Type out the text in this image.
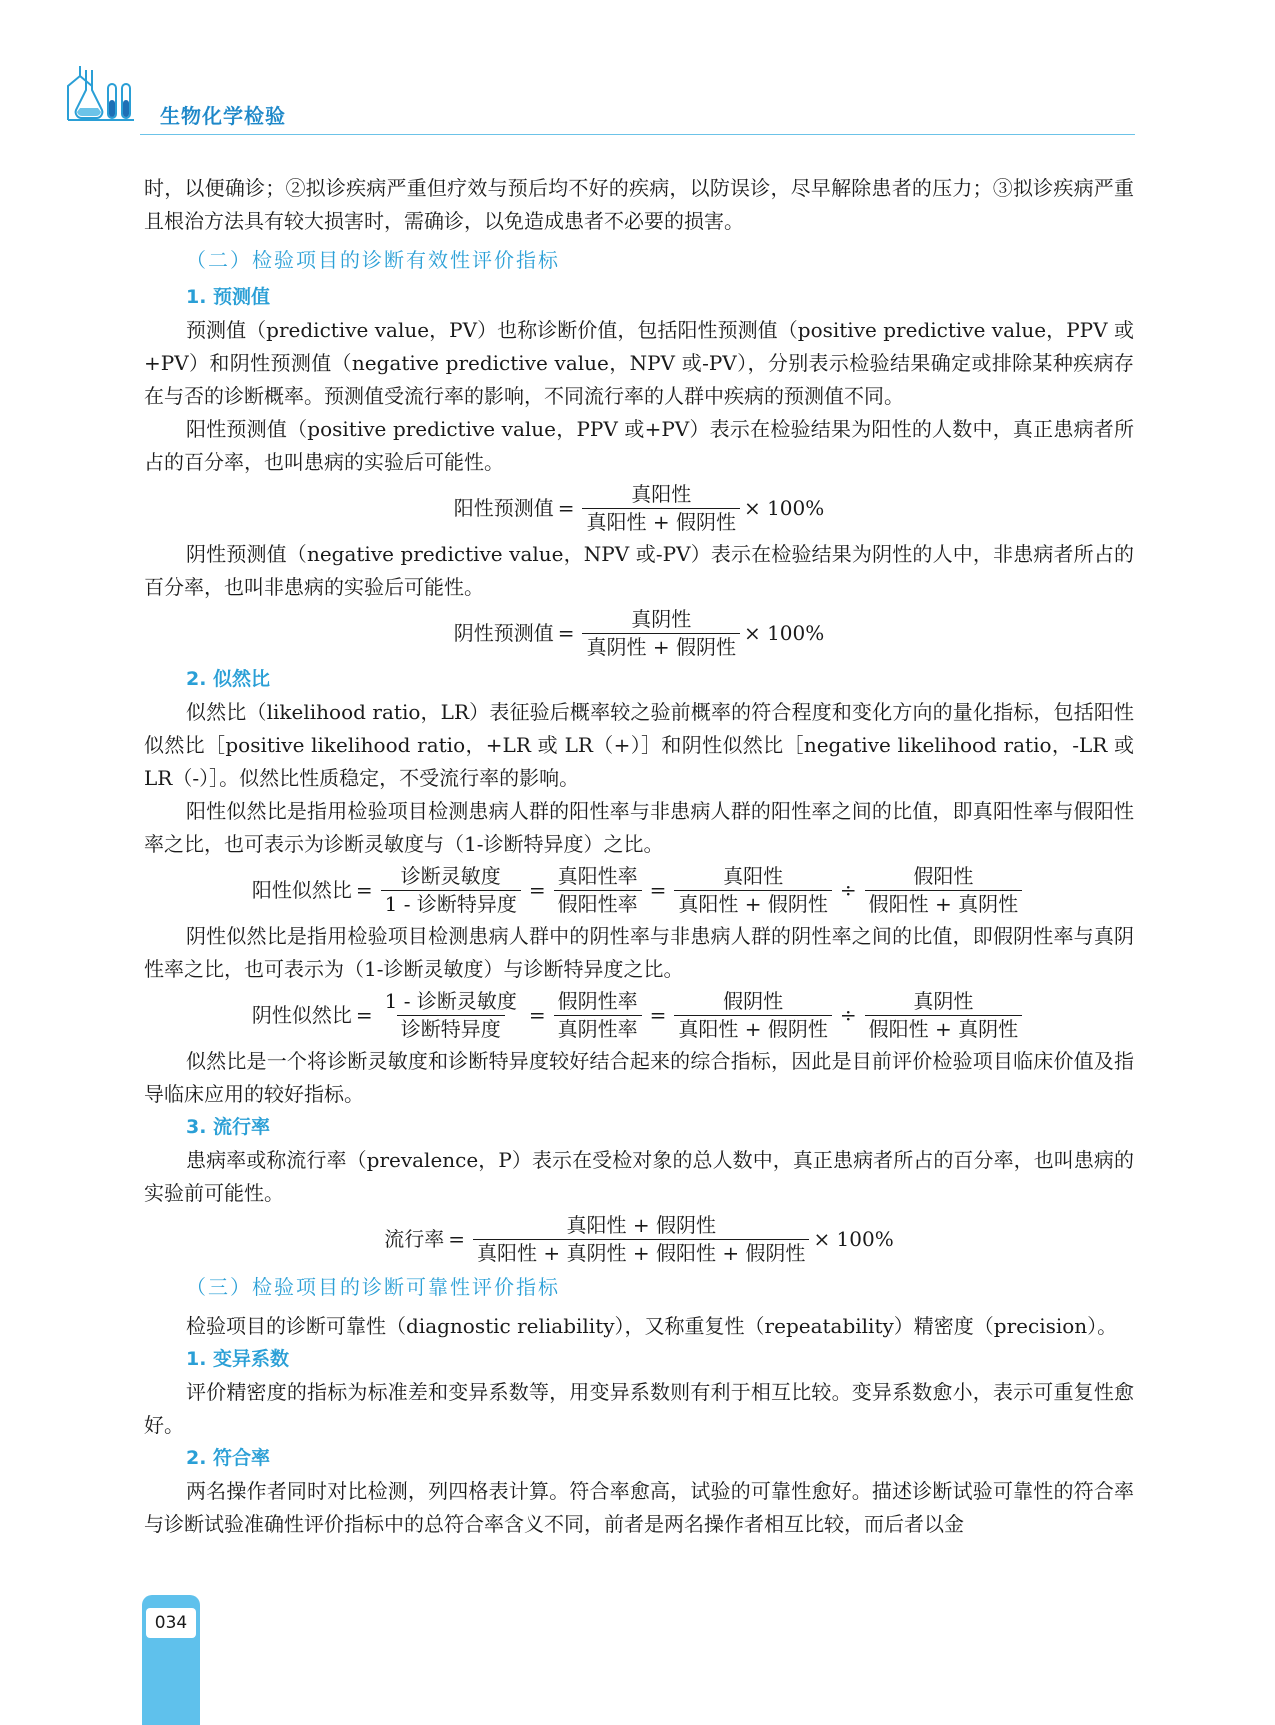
生物化学检验

时，以便确诊；②拟诊疾病严重但疗效与预后均不好的疾病，以防误诊，尽早解除患者的压力；③拟诊疾病严重且根治方法具有较大损害时，需确诊，以免造成患者不必要的损害。

（二）检验项目的诊断有效性评价指标

1. 预测值

预测值（predictive value，PV）也称诊断价值，包括阳性预测值（positive predictive value，PPV 或+PV）和阴性预测值（negative predictive value，NPV 或-PV），分别表示检验结果确定或排除某种疾病存在与否的诊断概率。预测值受流行率的影响，不同流行率的人群中疾病的预测值不同。

阳性预测值（positive predictive value，PPV 或+PV）表示在检验结果为阳性的人数中，真正患病者所占的百分率，也叫患病的实验后可能性。

阳性预测值 = $\frac{\text{真阳性}}{\text{真阳性 + 假阴性}} \times 100\%$

阴性预测值（negative predictive value，NPV 或-PV）表示在检验结果为阴性的人中，非患病者所占的百分率，也叫非患病的实验后可能性。

阴性预测值 = $\frac{\text{真阴性}}{\text{真阴性 + 假阴性}} \times 100\%$

2. 似然比

似然比（likelihood ratio，LR）表征验后概率较之验前概率的符合程度和变化方向的量化指标，包括阳性似然比［positive likelihood ratio，+LR 或 LR（+）］和阴性似然比［negative likelihood ratio，-LR 或 LR（-）］。似然比性质稳定，不受流行率的影响。

阳性似然比是指用检验项目检测患病人群的阳性率与非患病人群的阳性率之间的比值，即真阳性率与假阳性率之比，也可表示为诊断灵敏度与（1-诊断特异度）之比。

阳性似然比 = $\frac{\text{诊断灵敏度}}{\text{1 - 诊断特异度}} = \frac{\text{真阳性率}}{\text{假阳性率}} = \frac{\text{真阳性}}{\text{真阳性 + 假阴性}} \div \frac{\text{假阳性}}{\text{假阳性 + 真阴性}}$

阴性似然比是指用检验项目检测患病人群中的阴性率与非患病人群的阴性率之间的比值，即假阴性率与真阴性率之比，也可表示为（1-诊断灵敏度）与诊断特异度之比。

阴性似然比 = $\frac{\text{1 - 诊断灵敏度}}{\text{诊断特异度}} = \frac{\text{假阴性率}}{\text{真阴性率}} = \frac{\text{假阴性}}{\text{真阳性 + 假阴性}} \div \frac{\text{真阴性}}{\text{假阳性 + 真阴性}}$

似然比是一个将诊断灵敏度和诊断特异度较好结合起来的综合指标，因此是目前评价检验项目临床价值及指导临床应用的较好指标。

3. 流行率

患病率或称流行率（prevalence，P）表示在受检对象的总人数中，真正患病者所占的百分率，也叫患病的实验前可能性。

流行率 = $\frac{\text{真阳性 + 假阴性}}{\text{真阳性 + 真阴性 + 假阳性 + 假阴性}} \times 100\%$

（三）检验项目的诊断可靠性评价指标

检验项目的诊断可靠性（diagnostic reliability），又称重复性（repeatability）精密度（precision）。

1. 变异系数

评价精密度的指标为标准差和变异系数等，用变异系数则有利于相互比较。变异系数愈小，表示可重复性愈好。

2. 符合率

两名操作者同时对比检测，列四格表计算。符合率愈高，试验的可靠性愈好。描述诊断试验可靠性的符合率与诊断试验准确性评价指标中的总符合率含义不同，前者是两名操作者相互比较，而后者以金

034
